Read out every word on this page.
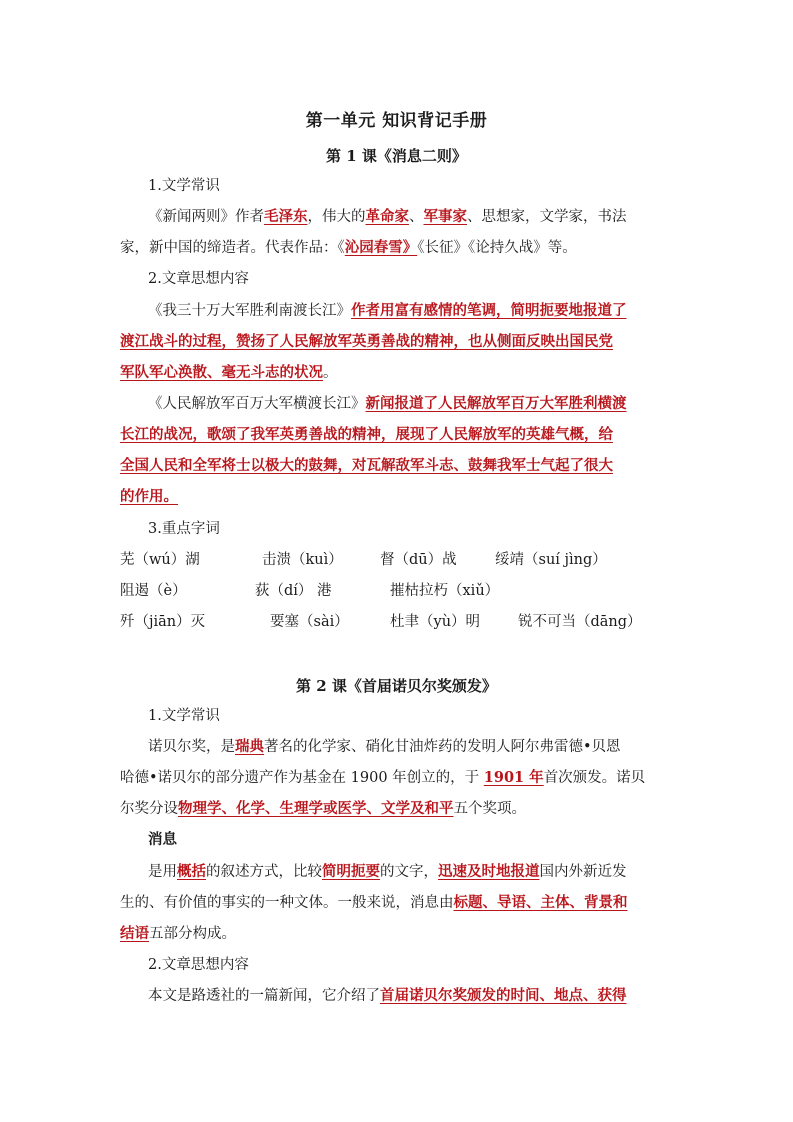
第一单元 知识背记手册
第 1 课《消息二则》
1.文学常识
《新闻两则》作者毛泽东，伟大的革命家、军事家、思想家，文学家，书法
家，新中国的缔造者。代表作品：《沁园春雪》《长征》《论持久战》等。
2.文章思想内容
《我三十万大军胜利南渡长江》作者用富有感情的笔调，简明扼要地报道了
渡江战斗的过程，赞扬了人民解放军英勇善战的精神，也从侧面反映出国民党
军队军心涣散、毫无斗志的状况。
《人民解放军百万大军横渡长江》新闻报道了人民解放军百万大军胜利横渡
长江的战况，歌颂了我军英勇善战的精神，展现了人民解放军的英雄气概，给
全国人民和全军将士以极大的鼓舞，对瓦解敌军斗志、鼓舞我军士气起了很大
的作用。
3.重点字词
芜（wú）湖	击溃（kuì）	督（dū）战	绥靖（suí jìng）
阻遏（è）	荻（dí） 港	摧枯拉朽（xiǔ）
歼（jiān）灭	要塞（sài）	杜聿（yù）明	锐不可当（dāng）
第 2 课《首届诺贝尔奖颁发》
1.文学常识
诺贝尔奖，是瑞典著名的化学家、硝化甘油炸药的发明人阿尔弗雷德•贝恩
哈德•诺贝尔的部分遗产作为基金在 1900 年创立的，于 1901 年首次颁发。诺贝
尔奖分设物理学、化学、生理学或医学、文学及和平五个奖项。
消息
是用概括的叙述方式，比较简明扼要的文字，迅速及时地报道国内外新近发
生的、有价值的事实的一种文体。一般来说，消息由标题、导语、主体、背景和
结语五部分构成。
2.文章思想内容
本文是路透社的一篇新闻，它介绍了首届诺贝尔奖颁发的时间、地点、获得
